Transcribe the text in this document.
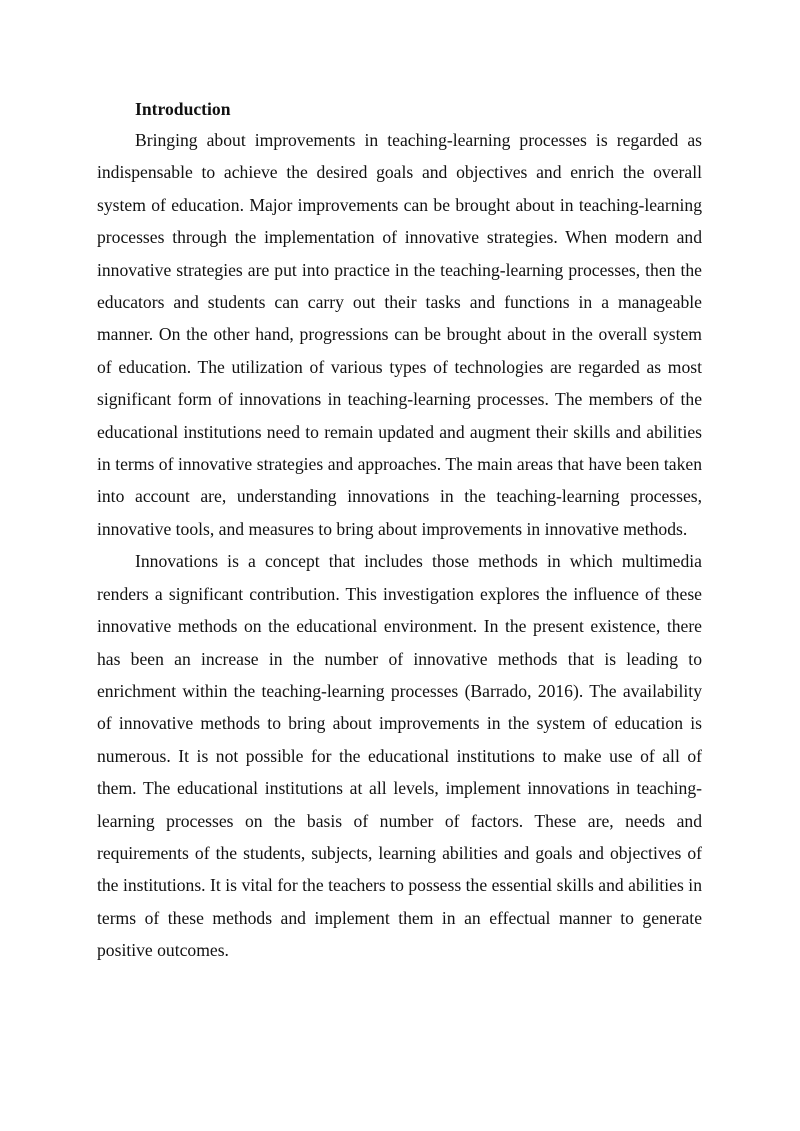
Introduction

Bringing about improvements in teaching-learning processes is regarded as indispensable to achieve the desired goals and objectives and enrich the overall system of education. Major improvements can be brought about in teaching-learning processes through the implementation of innovative strategies. When modern and innovative strategies are put into practice in the teaching-learning processes, then the educators and students can carry out their tasks and functions in a manageable manner. On the other hand, progressions can be brought about in the overall system of education. The utilization of various types of technologies are regarded as most significant form of innovations in teaching-learning processes. The members of the educational institutions need to remain updated and augment their skills and abilities in terms of innovative strategies and approaches. The main areas that have been taken into account are, understanding innovations in the teaching-learning processes, innovative tools, and measures to bring about improvements in innovative methods.

Innovations is a concept that includes those methods in which multimedia renders a significant contribution. This investigation explores the influence of these innovative methods on the educational environment. In the present existence, there has been an increase in the number of innovative methods that is leading to enrichment within the teaching-learning processes (Barrado, 2016). The availability of innovative methods to bring about improvements in the system of education is numerous. It is not possible for the educational institutions to make use of all of them. The educational institutions at all levels, implement innovations in teaching-learning processes on the basis of number of factors. These are, needs and requirements of the students, subjects, learning abilities and goals and objectives of the institutions. It is vital for the teachers to possess the essential skills and abilities in terms of these methods and implement them in an effectual manner to generate positive outcomes.
